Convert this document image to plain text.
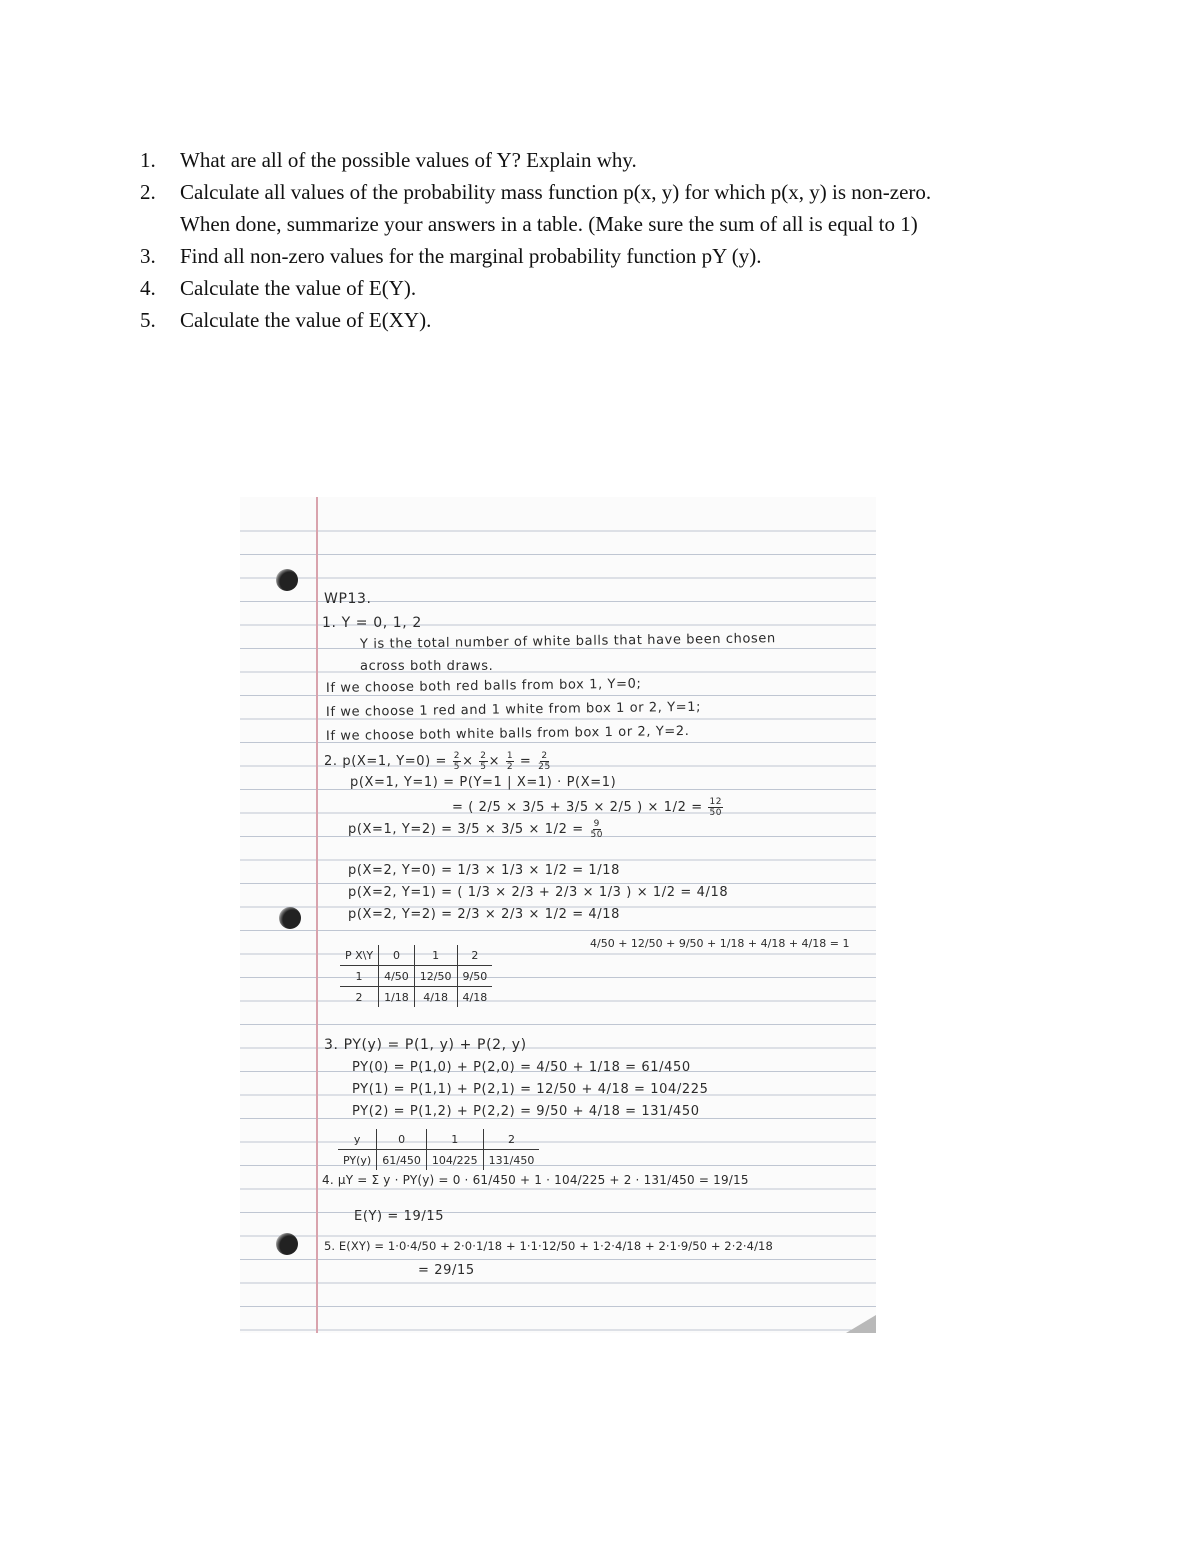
1.	What are all of the possible values of Y? Explain why.
2.	Calculate all values of the probability mass function p(x, y) for which p(x, y) is non-zero.
When done, summarize your answers in a table. (Make sure the sum of all is equal to 1)
3.	Find all non-zero values for the marginal probability function pY (y).
4.	Calculate the value of E(Y).
5.	Calculate the value of E(XY).
WP13.
1. Y = 0, 1, 2
Y is the total number of white balls that have been chosen
across both draws.
If we choose both red balls from box 1, Y=0;
If we choose 1 red and 1 white from box 1 or 2, Y=1;
If we choose both white balls from box 1 or 2, Y=2.
2. p(X=1, $Y=0) = \frac{2}{5} \times \frac{2}{5} \times \frac{1}{2} = \frac{2}{25}$
p(X=1, Y=1) = P(Y=1 | X=1) · P(X=1)
= ( 2/5 × 3/5 + 3/5 × 2/5 ) × $1/2 = \frac{12}{50}$
p(X=1, $Y=2) = 3/5 \times 3/5 \times 1/2 = \frac{9}{50}$
p(X=2, Y=0) = 1/3 × 1/3 × 1/2 = 1/18
p(X=2, Y=1) = ( 1/3 × 2/3 + 2/3 × 1/3 ) × 1/2 = 4/18
p(X=2, Y=2) = 2/3 × 2/3 × 1/2 = 4/18
4/50 + 12/50 + 9/50 + 1/18 + 4/18 + 4/18 = 1
P X\Y	0	1	2
1	4/50	12/50	9/50
2	1/18	4/18	4/18
3. PY(y) = P(1, y) + P(2, y)
PY(0) = P(1,0) + P(2,0) = 4/50 + 1/18 = 61/450
PY(1) = P(1,1) + P(2,1) = 12/50 + 4/18 = 104/225
PY(2) = P(1,2) + P(2,2) = 9/50 + 4/18 = 131/450
y	0	1	2
PY(y)	61/450	104/225	131/450
4. μY = Σ y · PY(y) = 0 · 61/450 + 1 · 104/225 + 2 · 131/450 = 19/15
E(Y) = 19/15
5. E(XY) = 1·0·4/50 + 2·0·1/18 + 1·1·12/50 + 1·2·4/18 + 2·1·9/50 + 2·2·4/18
= 29/15
